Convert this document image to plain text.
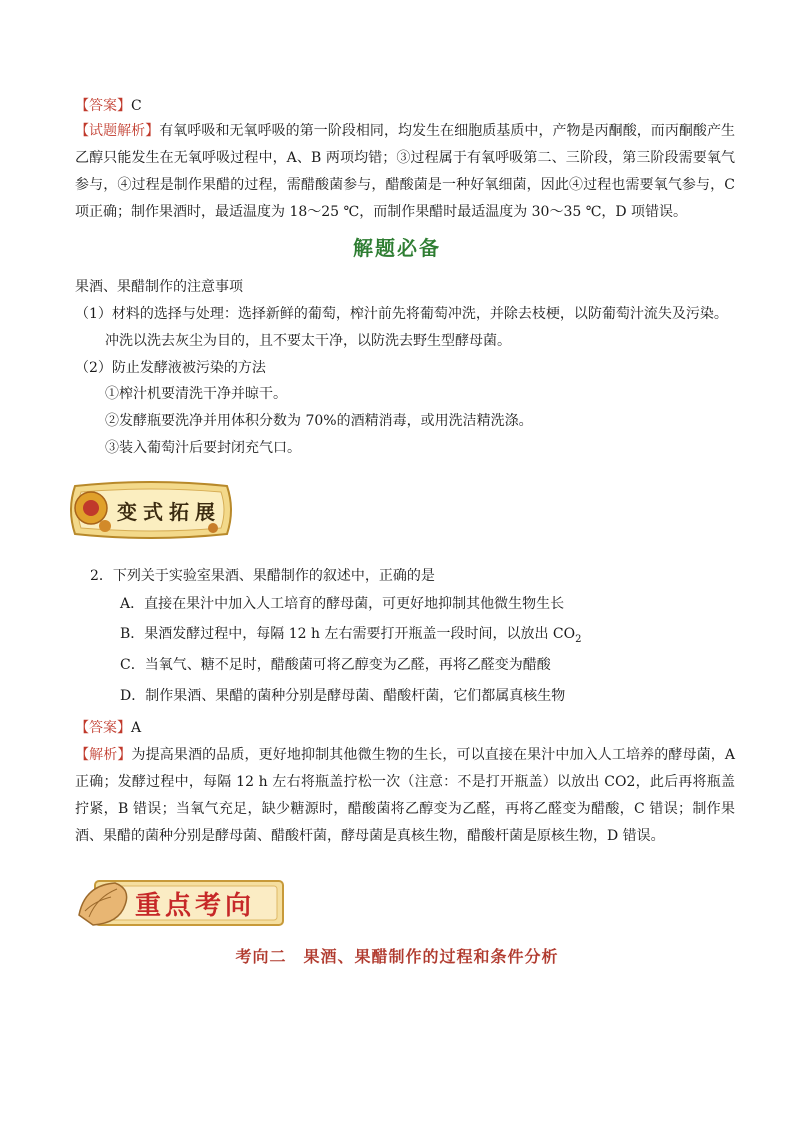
【答案】C

【试题解析】有氧呼吸和无氧呼吸的第一阶段相同，均发生在细胞质基质中，产物是丙酮酸，而丙酮酸产生乙醇只能发生在无氧呼吸过程中，A、B 两项均错；③过程属于有氧呼吸第二、三阶段，第三阶段需要氧气参与，④过程是制作果醋的过程，需醋酸菌参与，醋酸菌是一种好氧细菌，因此④过程也需要氧气参与，C 项正确；制作果酒时，最适温度为 18～25 ℃，而制作果醋时最适温度为 30～35 ℃，D 项错误。

解题必备
果酒、果醋制作的注意事项
（1）材料的选择与处理：选择新鲜的葡萄，榨汁前先将葡萄冲洗，并除去枝梗，以防葡萄汁流失及污染。
冲洗以洗去灰尘为目的，且不要太干净，以防洗去野生型酵母菌。
（2）防止发酵液被污染的方法
①榨汁机要清洗干净并晾干。
②发酵瓶要洗净并用体积分数为 70%的酒精消毒，或用洗洁精洗涤。
③装入葡萄汁后要封闭充气口。
变式拓展
2．下列关于实验室果酒、果醋制作的叙述中，正确的是
A．直接在果汁中加入人工培育的酵母菌，可更好地抑制其他微生物生长
B．果酒发酵过程中，每隔 12 h 左右需要打开瓶盖一段时间，以放出 $CO_2$
C．当氧气、糖不足时，醋酸菌可将乙醇变为乙醛，再将乙醛变为醋酸
D．制作果酒、果醋的菌种分别是酵母菌、醋酸杆菌，它们都属真核生物
【答案】A

【解析】为提高果酒的品质，更好地抑制其他微生物的生长，可以直接在果汁中加入人工培养的酵母菌，A 正确；发酵过程中，每隔 12 h 左右将瓶盖拧松一次（注意：不是打开瓶盖）以放出 CO2，此后再将瓶盖拧紧，B 错误；当氧气充足，缺少糖源时，醋酸菌将乙醇变为乙醛，再将乙醛变为醋酸，C 错误；制作果酒、果醋的菌种分别是酵母菌、醋酸杆菌，酵母菌是真核生物，醋酸杆菌是原核生物，D 错误。

重点考向
考向二　果酒、果醋制作的过程和条件分析
